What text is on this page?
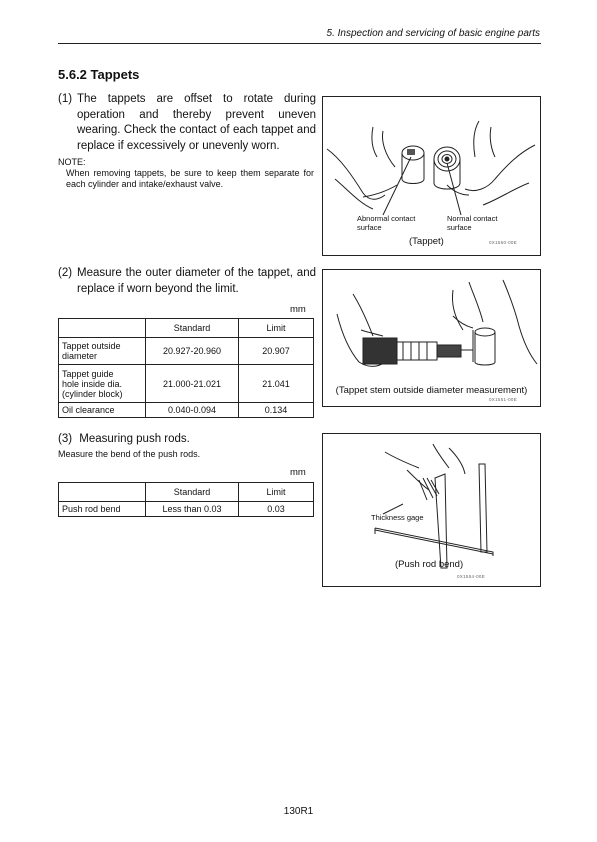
5. Inspection and servicing of basic engine parts
5.6.2 Tappets
(1) The tappets are offset to rotate during operation and thereby prevent uneven wearing. Check the contact of each tappet and replace if excessively or unevenly worn.
NOTE:
When removing tappets, be sure to keep them separate for each cylinder and intake/exhaust valve.
Abnormal contact
surface
Normal contact
surface
(Tappet)	0X1550-00E
(2) Measure the outer diameter of the tappet, and replace if worn beyond the limit.
mm
	Standard	Limit

Tappet outside
diameter	20.927-20.960	20.907

Tappet guide
hole inside dia.
(cylinder block)	21.000-21.021	21.041
Oil clearance	0.040-0.094	0.134
(Tappet stem outside diameter measurement)
0X1551-00E
(3) Measuring push rods.
Measure the bend of the push rods.
mm
	Standard	Limit
Push rod bend	Less than 0.03	0.03
Thickness gage
(Push rod bend)
0X1554-00E
130R1
